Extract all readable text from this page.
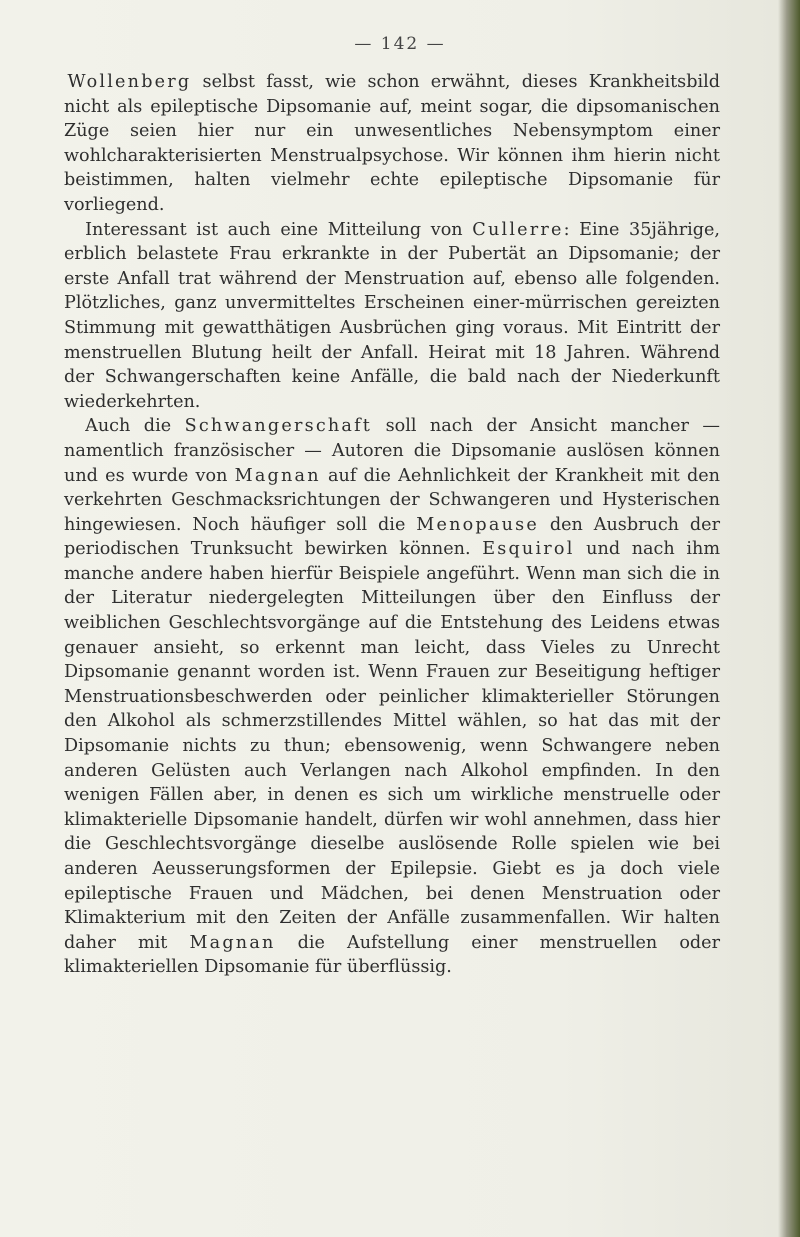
— 142 —

Wollenberg selbst fasst, wie schon erwähnt, dieses Krankheitsbild nicht als epileptische Dipsomanie auf, meint sogar, die dipsomanischen Züge seien hier nur ein unwesentliches Nebensymptom einer wohlcharakterisierten Menstrualpsychose. Wir können ihm hierin nicht beistimmen, halten vielmehr echte epileptische Dipsomanie für vorliegend.

Interessant ist auch eine Mitteilung von Cullerre: Eine 35jährige, erblich belastete Frau erkrankte in der Pubertät an Dipsomanie; der erste Anfall trat während der Menstruation auf, ebenso alle folgenden. Plötzliches, ganz unvermitteltes Erscheinen einer-mürrischen gereizten Stimmung mit gewatthätigen Ausbrüchen ging voraus. Mit Eintritt der menstruellen Blutung heilt der Anfall. Heirat mit 18 Jahren. Während der Schwangerschaften keine Anfälle, die bald nach der Niederkunft wiederkehrten.

Auch die Schwangerschaft soll nach der Ansicht mancher — namentlich französischer — Autoren die Dipsomanie auslösen können und es wurde von Magnan auf die Aehnlichkeit der Krankheit mit den verkehrten Geschmacksrichtungen der Schwangeren und Hysterischen hingewiesen. Noch häufiger soll die Menopause den Ausbruch der periodischen Trunksucht bewirken können. Esquirol und nach ihm manche andere haben hierfür Beispiele angeführt. Wenn man sich die in der Literatur niedergelegten Mitteilungen über den Einfluss der weiblichen Geschlechtsvorgänge auf die Entstehung des Leidens etwas genauer ansieht, so erkennt man leicht, dass Vieles zu Unrecht Dipsomanie genannt worden ist. Wenn Frauen zur Beseitigung heftiger Menstruationsbeschwerden oder peinlicher klimakterieller Störungen den Alkohol als schmerzstillendes Mittel wählen, so hat das mit der Dipsomanie nichts zu thun; ebensowenig, wenn Schwangere neben anderen Gelüsten auch Verlangen nach Alkohol empfinden. In den wenigen Fällen aber, in denen es sich um wirkliche menstruelle oder klimakterielle Dipsomanie handelt, dürfen wir wohl annehmen, dass hier die Geschlechtsvorgänge dieselbe auslösende Rolle spielen wie bei anderen Aeusserungsformen der Epilepsie. Giebt es ja doch viele epileptische Frauen und Mädchen, bei denen Menstruation oder Klimakterium mit den Zeiten der Anfälle zusammenfallen. Wir halten daher mit Magnan die Aufstellung einer menstruellen oder klimakteriellen Dipsomanie für überflüssig.
